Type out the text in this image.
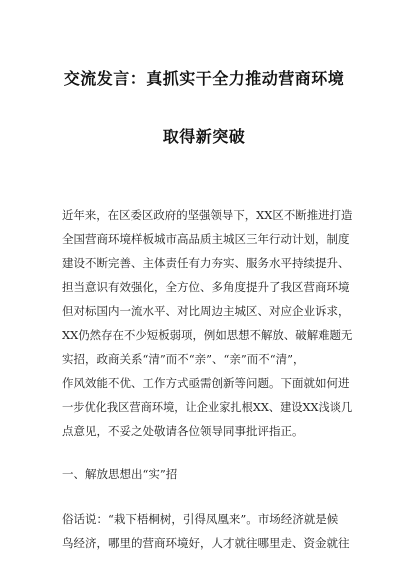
交流发言：真抓实干全力推动营商环境
取得新突破
近年来，在区委区政府的坚强领导下，XX区不断推进打造
全国营商环境样板城市高品质主城区三年行动计划，制度
建设不断完善、主体责任有力夯实、服务水平持续提升、
担当意识有效强化，全方位、多角度提升了我区营商环境
但对标国内一流水平、对比周边主城区、对应企业诉求，
XX仍然存在不少短板弱项，例如思想不解放、破解难题无
实招，政商关系“清”而不“亲”、“亲”而不“清”，
作风效能不优、工作方式亟需创新等问题。下面就如何进
一步优化我区营商环境，让企业家扎根XX、建设XX浅谈几
点意见，不妥之处敬请各位领导同事批评指正。
一、解放思想出“实”招
俗话说：“栽下梧桐树，引得凤凰来”。市场经济就是候
鸟经济，哪里的营商环境好，人才就往哪里走、资金就往
